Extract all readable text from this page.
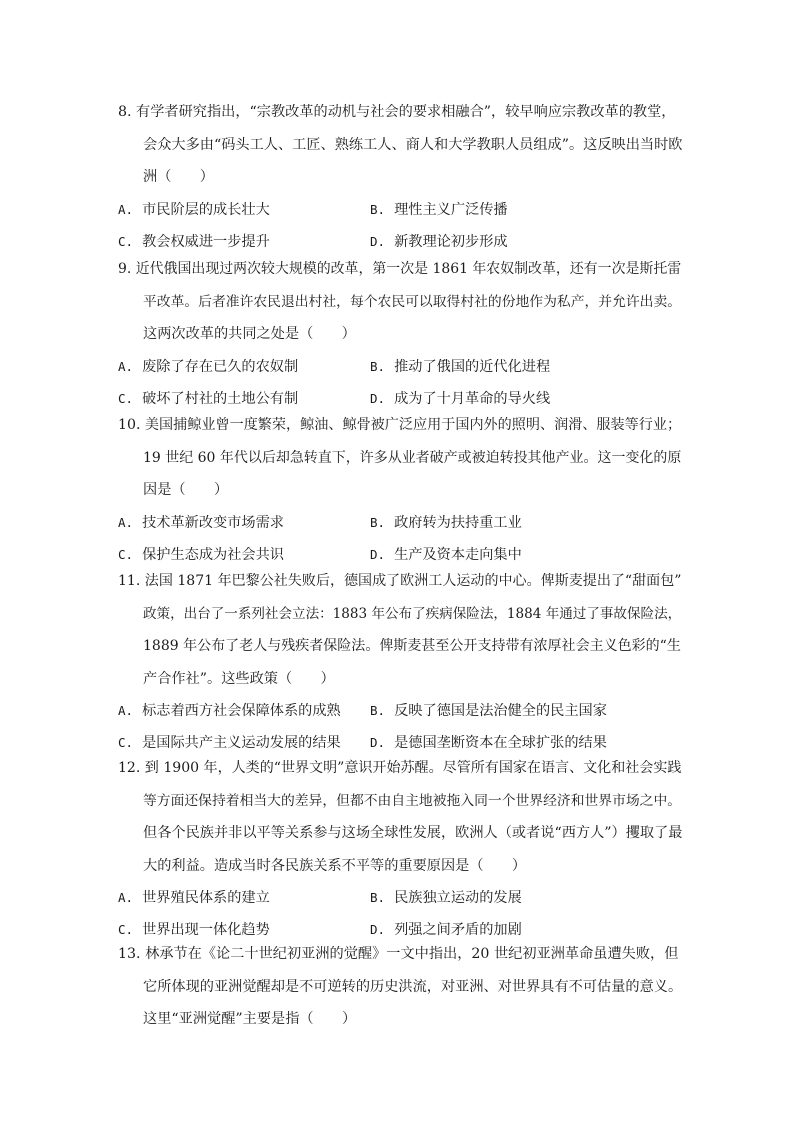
8. 有学者研究指出，“宗教改革的动机与社会的要求相融合”，较早响应宗教改革的教堂，
会众大多由“码头工人、工匠、熟练工人、商人和大学教职人员组成”。这反映出当时欧
洲（　　）

A. 市民阶层的成长壮大	B. 理性主义广泛传播
C. 教会权威进一步提升	D. 新教理论初步形成

9. 近代俄国出现过两次较大规模的改革，第一次是 1861 年农奴制改革，还有一次是斯托雷
平改革。后者准许农民退出村社，每个农民可以取得村社的份地作为私产，并允许出卖。
这两次改革的共同之处是（　　）

A. 废除了存在已久的农奴制	B. 推动了俄国的近代化进程
C. 破坏了村社的土地公有制	D. 成为了十月革命的导火线

10. 美国捕鲸业曾一度繁荣，鲸油、鲸骨被广泛应用于国内外的照明、润滑、服装等行业；
19 世纪 60 年代以后却急转直下，许多从业者破产或被迫转投其他产业。这一变化的原
因是（　　）

A. 技术革新改变市场需求	B. 政府转为扶持重工业
C. 保护生态成为社会共识	D. 生产及资本走向集中

11. 法国 1871 年巴黎公社失败后，德国成了欧洲工人运动的中心。俾斯麦提出了“甜面包”
政策，出台了一系列社会立法：1883 年公布了疾病保险法，1884 年通过了事故保险法，
1889 年公布了老人与残疾者保险法。俾斯麦甚至公开支持带有浓厚社会主义色彩的“生
产合作社”。这些政策（　　）

A. 标志着西方社会保障体系的成熟 B. 反映了德国是法治健全的民主国家
C. 是国际共产主义运动发展的结果 D. 是德国垄断资本在全球扩张的结果

12. 到 1900 年，人类的“世界文明”意识开始苏醒。尽管所有国家在语言、文化和社会实践
等方面还保持着相当大的差异，但都不由自主地被拖入同一个世界经济和世界市场之中。
但各个民族并非以平等关系参与这场全球性发展，欧洲人（或者说“西方人”）攫取了最
大的利益。造成当时各民族关系不平等的重要原因是（　　）

A. 世界殖民体系的建立	B. 民族独立运动的发展
C. 世界出现一体化趋势	D. 列强之间矛盾的加剧

13. 林承节在《论二十世纪初亚洲的觉醒》一文中指出，20 世纪初亚洲革命虽遭失败，但
它所体现的亚洲觉醒却是不可逆转的历史洪流，对亚洲、对世界具有不可估量的意义。
这里“亚洲觉醒”主要是指（　　）
